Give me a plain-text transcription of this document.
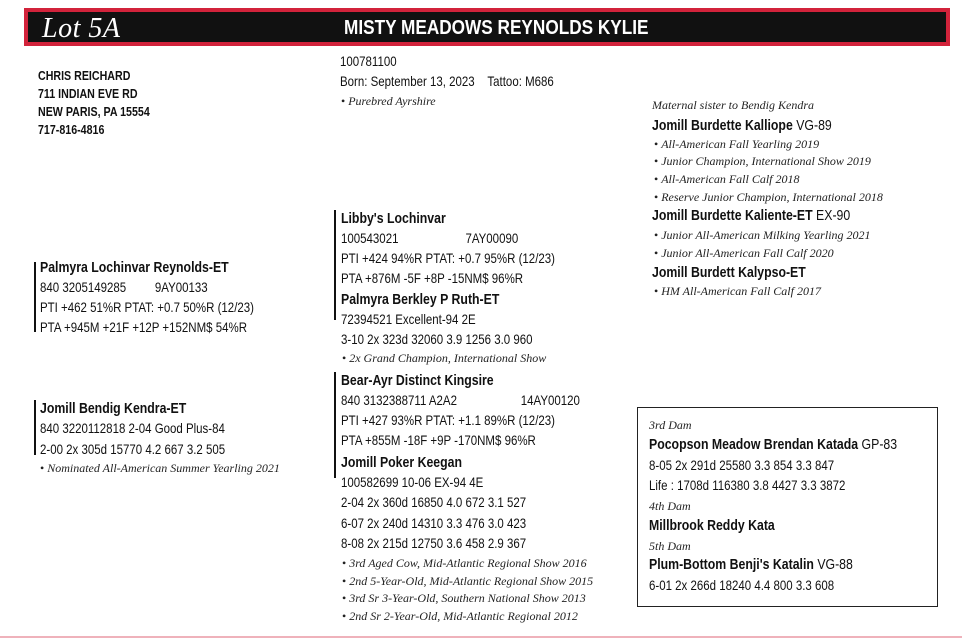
Lot 5A	MISTY MEADOWS REYNOLDS KYLIE
CHRIS REICHARD
711 INDIAN EVE RD
NEW PARIS, PA 15554
717-816-4816
100781100
Born: September 13, 2023 Tattoo: M686
• Purebred Ayrshire
Palmyra Lochinvar Reynolds-ET
840 3205149285 9AY00133
PTI +462 51%R PTAT: +0.7 50%R (12/23)
PTA +945M +21F +12P +152NM$ 54%R
Jomill Bendig Kendra-ET
840 3220112818 2-04 Good Plus-84
2-00 2x 305d 15770 4.2 667 3.2 505
• Nominated All-American Summer Yearling 2021
Libby's Lochinvar
100543021	7AY00090
PTI +424 94%R PTAT: +0.7 95%R (12/23)
PTA +876M -5F +8P -15NM$ 96%R
Palmyra Berkley P Ruth-ET
72394521 Excellent-94 2E
3-10 2x 323d 32060 3.9 1256 3.0 960
• 2x Grand Champion, International Show
Bear-Ayr Distinct Kingsire
840 3132388711 A2A2	14AY00120
PTI +427 93%R PTAT: +1.1 89%R (12/23)
PTA +855M -18F +9P -170NM$ 96%R
Jomill Poker Keegan
100582699 10-06 EX-94 4E
2-04 2x 360d 16850 4.0 672 3.1 527
6-07 2x 240d 14310 3.3 476 3.0 423
8-08 2x 215d 12750 3.6 458 2.9 367
• 3rd Aged Cow, Mid-Atlantic Regional Show 2016
• 2nd 5-Year-Old, Mid-Atlantic Regional Show 2015
• 3rd Sr 3-Year-Old, Southern National Show 2013
• 2nd Sr 2-Year-Old, Mid-Atlantic Regional 2012
Maternal sister to Bendig Kendra
Jomill Burdette Kalliope VG-89
• All-American Fall Yearling 2019
• Junior Champion, International Show 2019
• All-American Fall Calf 2018
• Reserve Junior Champion, International 2018
Jomill Burdette Kaliente-ET EX-90
• Junior All-American Milking Yearling 2021
• Junior All-American Fall Calf 2020
Jomill Burdett Kalypso-ET
• HM All-American Fall Calf 2017
3rd Dam
Pocopson Meadow Brendan Katada GP-83
8-05 2x 291d 25580 3.3 854 3.3 847
Life : 1708d 116380 3.8 4427 3.3 3872
4th Dam
Millbrook Reddy Kata
5th Dam
Plum-Bottom Benji's Katalin VG-88
6-01 2x 266d 18240 4.4 800 3.3 608
